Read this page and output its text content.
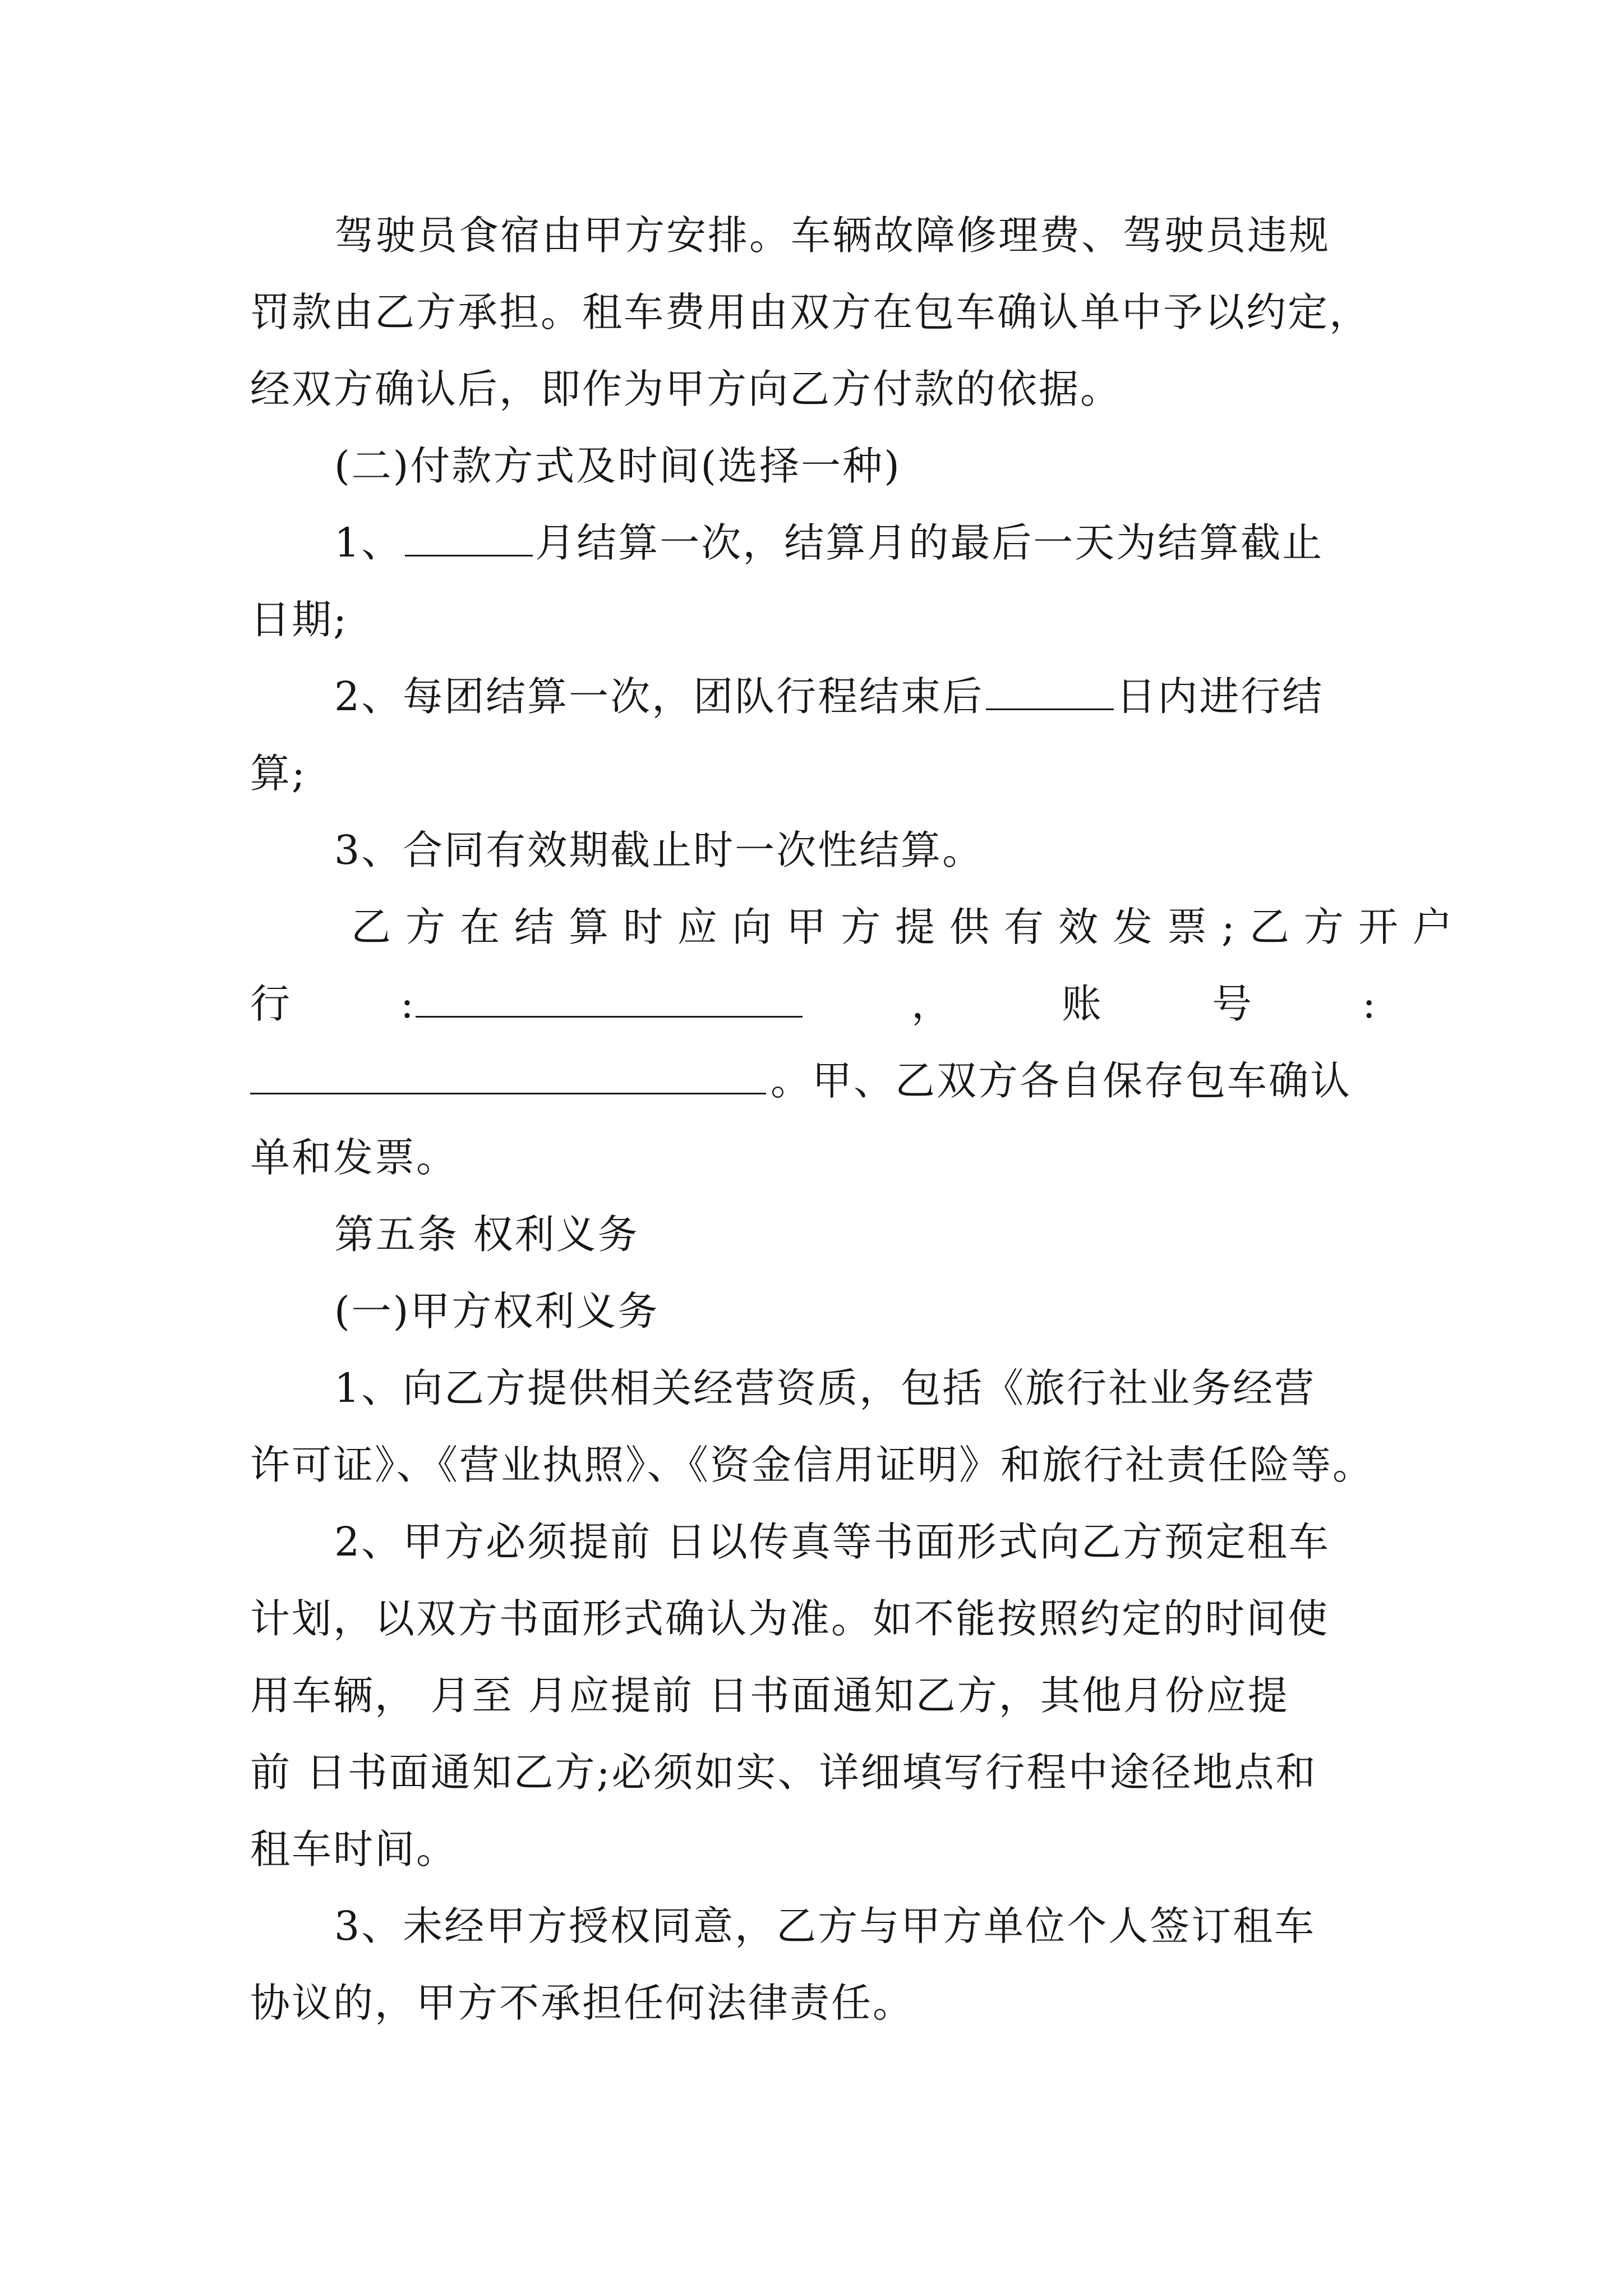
驾驶员食宿由甲方安排。车辆故障修理费、驾驶员违规

罚款由乙方承担。租车费用由双方在包车确认单中予以约定，

经双方确认后，即作为甲方向乙方付款的依据。

(二)付款方式及时间(选择一种)

1、	月结算一次，结算月的最后一天为结算截止

日期;

2、每团结算一次，团队行程结束后	日内进行结

算;

3、合同有效期截止时一次性结算。

乙方在结算时应向甲方提供有效发票;乙方开户

行	:	，	账	号	:

。甲、乙双方各自保存包车确认

单和发票。

第五条 权利义务

(一)甲方权利义务

1、向乙方提供相关经营资质，包括《旅行社业务经营

许可证》、《营业执照》、《资金信用证明》和旅行社责任险等。

2、甲方必须提前 日以传真等书面形式向乙方预定租车

计划，以双方书面形式确认为准。如不能按照约定的时间使

用车辆， 月至 月应提前 日书面通知乙方，其他月份应提

前 日书面通知乙方;必须如实、详细填写行程中途径地点和

租车时间。

3、未经甲方授权同意，乙方与甲方单位个人签订租车

协议的，甲方不承担任何法律责任。
